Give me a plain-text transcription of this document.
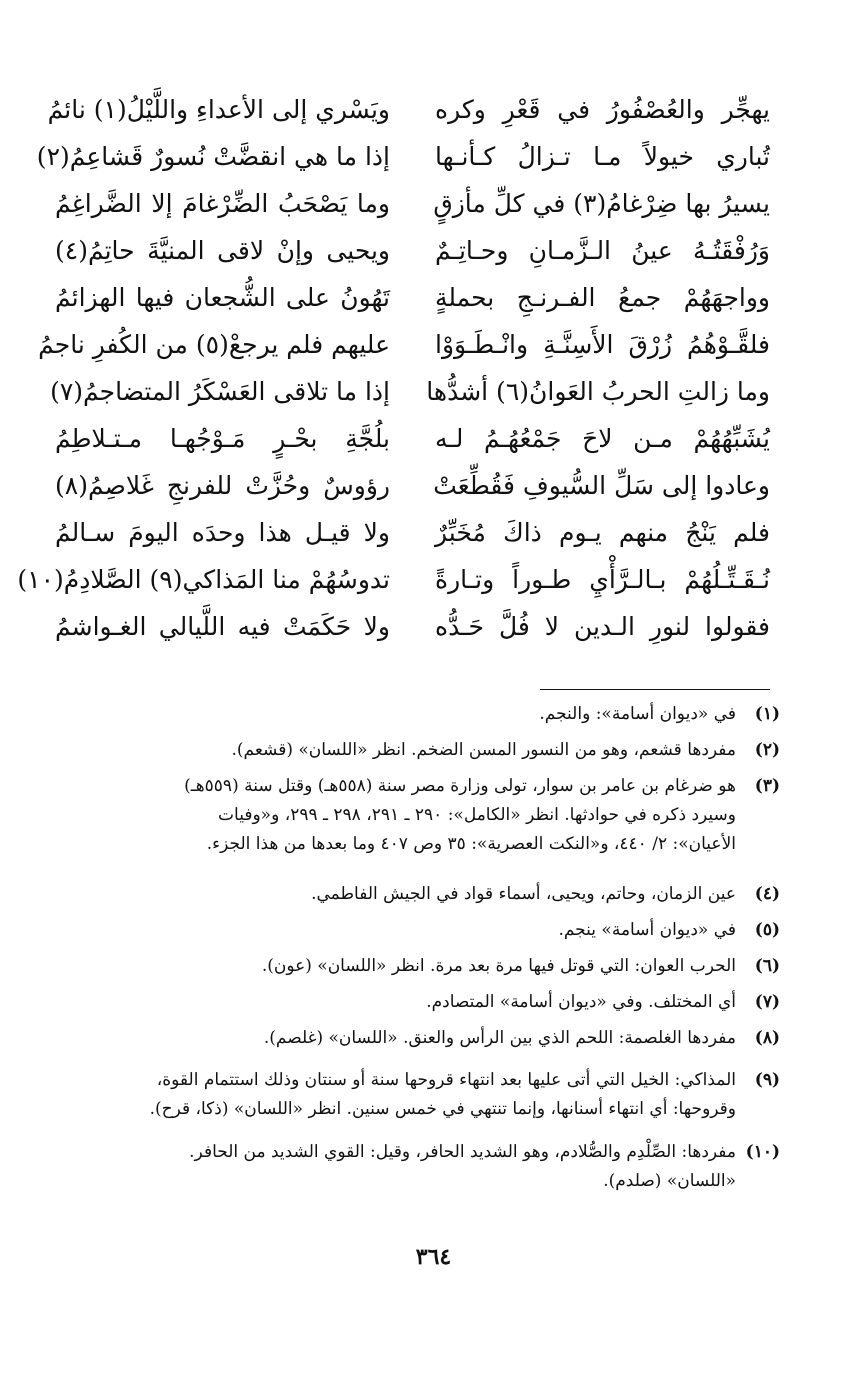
يهجِّر والعُصْفُورُ في قَعْرِ وكره
ويَسْري إلى الأعداءِ واللَّيْلُ(١) نائمُ
تُباري خيولاً مـا تـزالُ كـأنـها
إذا ما هي انقضَّتْ نُسورٌ قَشاعِمُ(٢)
يسيرُ بها ضِرْغامُ(٣) في كلِّ مأزقٍ
وما يَصْحَبُ الضِّرْغامَ إلا الضَّراغِمُ
وَرُفْقَتُـهُ عينُ الـزَّمـانِ وحـاتِـمٌ
ويحيى وإنْ لاقى المنيَّةَ حاتِمُ(٤)
وواجهَهُمْ جمعُ الفـرنـجِ بحملةٍ
تَهُونُ على الشُّجعان فيها الهزائمُ
فلقَّـوْهُمُ زُرْقَ الأَسِنَّـةِ وانْـطَـوَوْا
عليهم فلم يرجعْ(٥) من الكُفرِ ناجمُ
وما زالتِ الحربُ العَوانُ(٦) أشدُّها
إذا ما تلاقى العَسْكَرُ المتضاجمُ(٧)
يُشَبِّهُهُمْ مـن لاحَ جَمْعُهُـمُ لـه
بلُجَّةِ بحْـرٍ مَـوْجُهـا مـتـلاطِمُ
وعادوا إلى سَلِّ السُّيوفِ فَقُطِّعَتْ
رؤوسٌ وحُزَّتْ للفرنجِ غَلاصِمُ(٨)
فلم يَنْجُ منهم يـوم ذاكَ مُخَبِّرٌ
ولا قيـل هذا وحدَه اليومَ سـالمُ
نُـقَـتِّـلُهُمْ بـالـرَّأْيِ طـوراً وتـارةً
تدوسُهُمْ منا المَذاكي(٩) الصَّلادِمُ(١٠)
فقولوا لنورِ الـدين لا فُلَّ حَـدُّه
ولا حَكَمَتْ فيه اللَّيالي الغـواشمُ
(١)
في «ديوان أسامة»: والنجم.
(٢)
مفردها قشعم، وهو من النسور المسن الضخم. انظر «اللسان» (قشعم).
(٣)
هو ضرغام بن عامر بن سوار، تولى وزارة مصر سنة (٥٥٨هـ) وقتل سنة (٥٥٩هـ)
وسيرد ذكره في حوادثها. انظر «الكامل»: ٢٩٠ ـ ٢٩١، ٢٩٨ ـ ٢٩٩، و«وفيات
الأعيان»: ٢/ ٤٤٠، و«النكت العصرية»: ٣٥ وص ٤٠٧ وما بعدها من هذا الجزء.
(٤)
عين الزمان، وحاتم، ويحيى، أسماء قواد في الجيش الفاطمي.
(٥)
في «ديوان أسامة» ينجم.
(٦)
الحرب العوان: التي قوتل فيها مرة بعد مرة. انظر «اللسان» (عون).
(٧)
أي المختلف. وفي «ديوان أسامة» المتصادم.
(٨)
مفردها الغلصمة: اللحم الذي بين الرأس والعنق. «اللسان» (غلصم).
(٩)
المذاكي: الخيل التي أتى عليها بعد انتهاء قروحها سنة أو سنتان وذلك استتمام القوة،
وقروحها: أي انتهاء أسنانها، وإنما تنتهي في خمس سنين. انظر «اللسان» (ذكا، قرح).
(١٠)
مفردها: الصِّلْدِم والصُّلادم، وهو الشديد الحافر، وقيل: القوي الشديد من الحافر.
«اللسان» (صلدم).
٣٦٤
